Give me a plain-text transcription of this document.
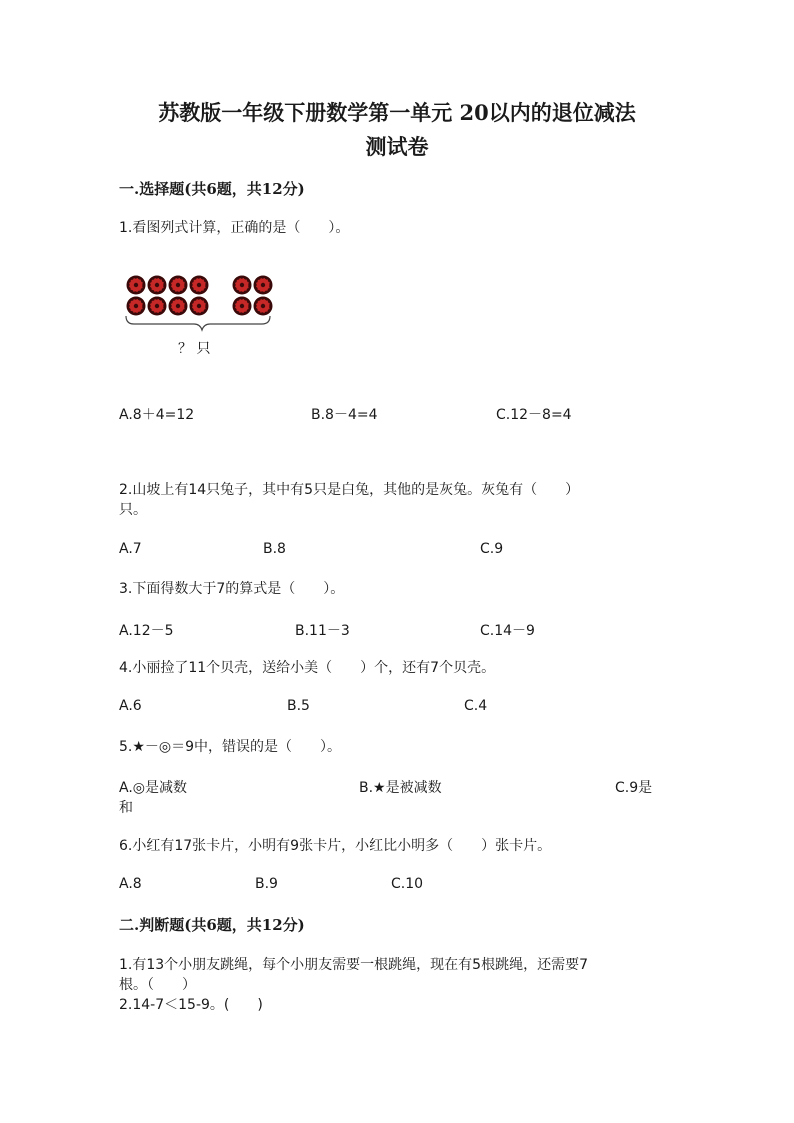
苏教版一年级下册数学第一单元 20以内的退位减法
测试卷
一.选择题(共6题，共12分)
1.看图列式计算，正确的是（　　）。
？ 只
A.8＋4=12	B.8－4=4	C.12－8=4
2.山坡上有14只兔子，其中有5只是白兔，其他的是灰兔。灰兔有（　　）
只。
A.7	B.8	C.9
3.下面得数大于7的算式是（　　）。
A.12－5	B.11－3	C.14－9
4.小丽捡了11个贝壳，送给小美（　　）个，还有7个贝壳。
A.6	B.5	C.4
5.★－◎＝9中，错误的是（　　）。
A.◎是减数	B.★是被减数	C.9是
和
6.小红有17张卡片，小明有9张卡片，小红比小明多（　　）张卡片。
A.8	B.9	C.10
二.判断题(共6题，共12分)
1.有13个小朋友跳绳，每个小朋友需要一根跳绳，现在有5根跳绳，还需要7
根。（　　）
2.14-7＜15-9。(　　)
